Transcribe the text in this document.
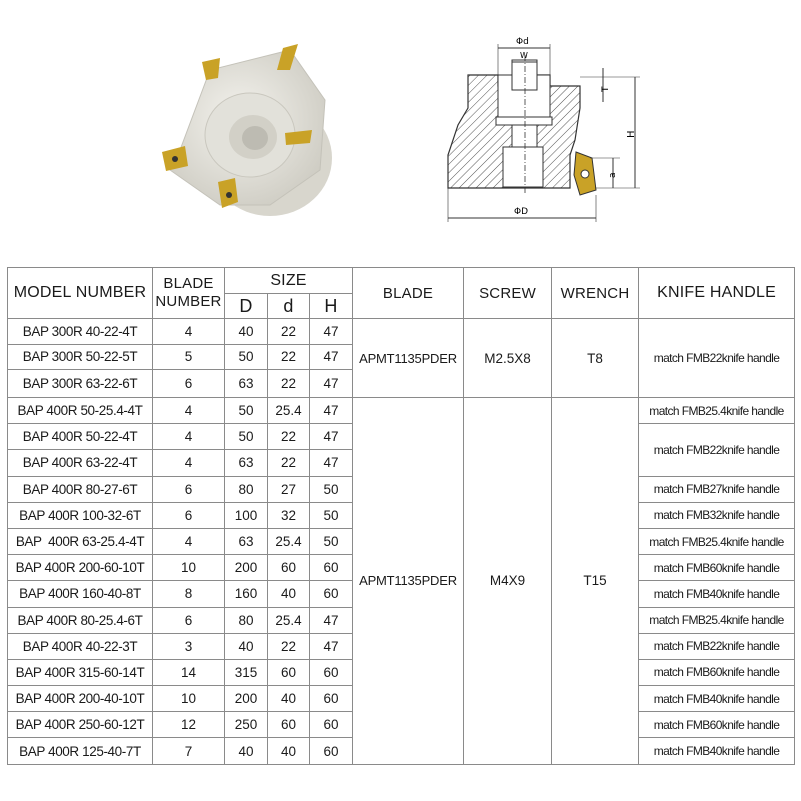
Φd
W
T
H
a
ΦD
MODEL NUMBER	BLADE
NUMBER	SIZE			BLADE	SCREW	WRENCH	KNIFE HANDLE
		D	d	H				
BAP 300R 40-22-4T	4	40	22	47	APMT1135PDER	M2.5X8	T8	match FMB22knife handle
BAP 300R 50-22-5T	5	50	22	47				
BAP 300R 63-22-6T	6	63	22	47				
BAP 400R 50-25.4-4T	4	50	25.4	47	APMT1135PDER	M4X9	T15	match FMB25.4knife handle
BAP 400R 50-22-4T	4	50	22	47				match FMB22knife handle
BAP 400R 63-22-4T	4	63	22	47				
BAP 400R 80-27-6T	6	80	27	50				match FMB27knife handle
BAP 400R 100-32-6T	6	100	32	50				match FMB32knife handle
BAP  400R 63-25.4-4T	4	63	25.4	50				match FMB25.4knife handle
BAP 400R 200-60-10T	10	200	60	60				match FMB60knife handle
BAP 400R 160-40-8T	8	160	40	60				match FMB40knife handle
BAP 400R 80-25.4-6T	6	80	25.4	47				match FMB25.4knife handle
BAP 400R 40-22-3T	3	40	22	47				match FMB22knife handle
BAP 400R 315-60-14T	14	315	60	60				match FMB60knife handle
BAP 400R 200-40-10T	10	200	40	60				match FMB40knife handle
BAP 400R 250-60-12T	12	250	60	60				match FMB60knife handle
BAP 400R 125-40-7T	7	40	40	60				match FMB40knife handle
